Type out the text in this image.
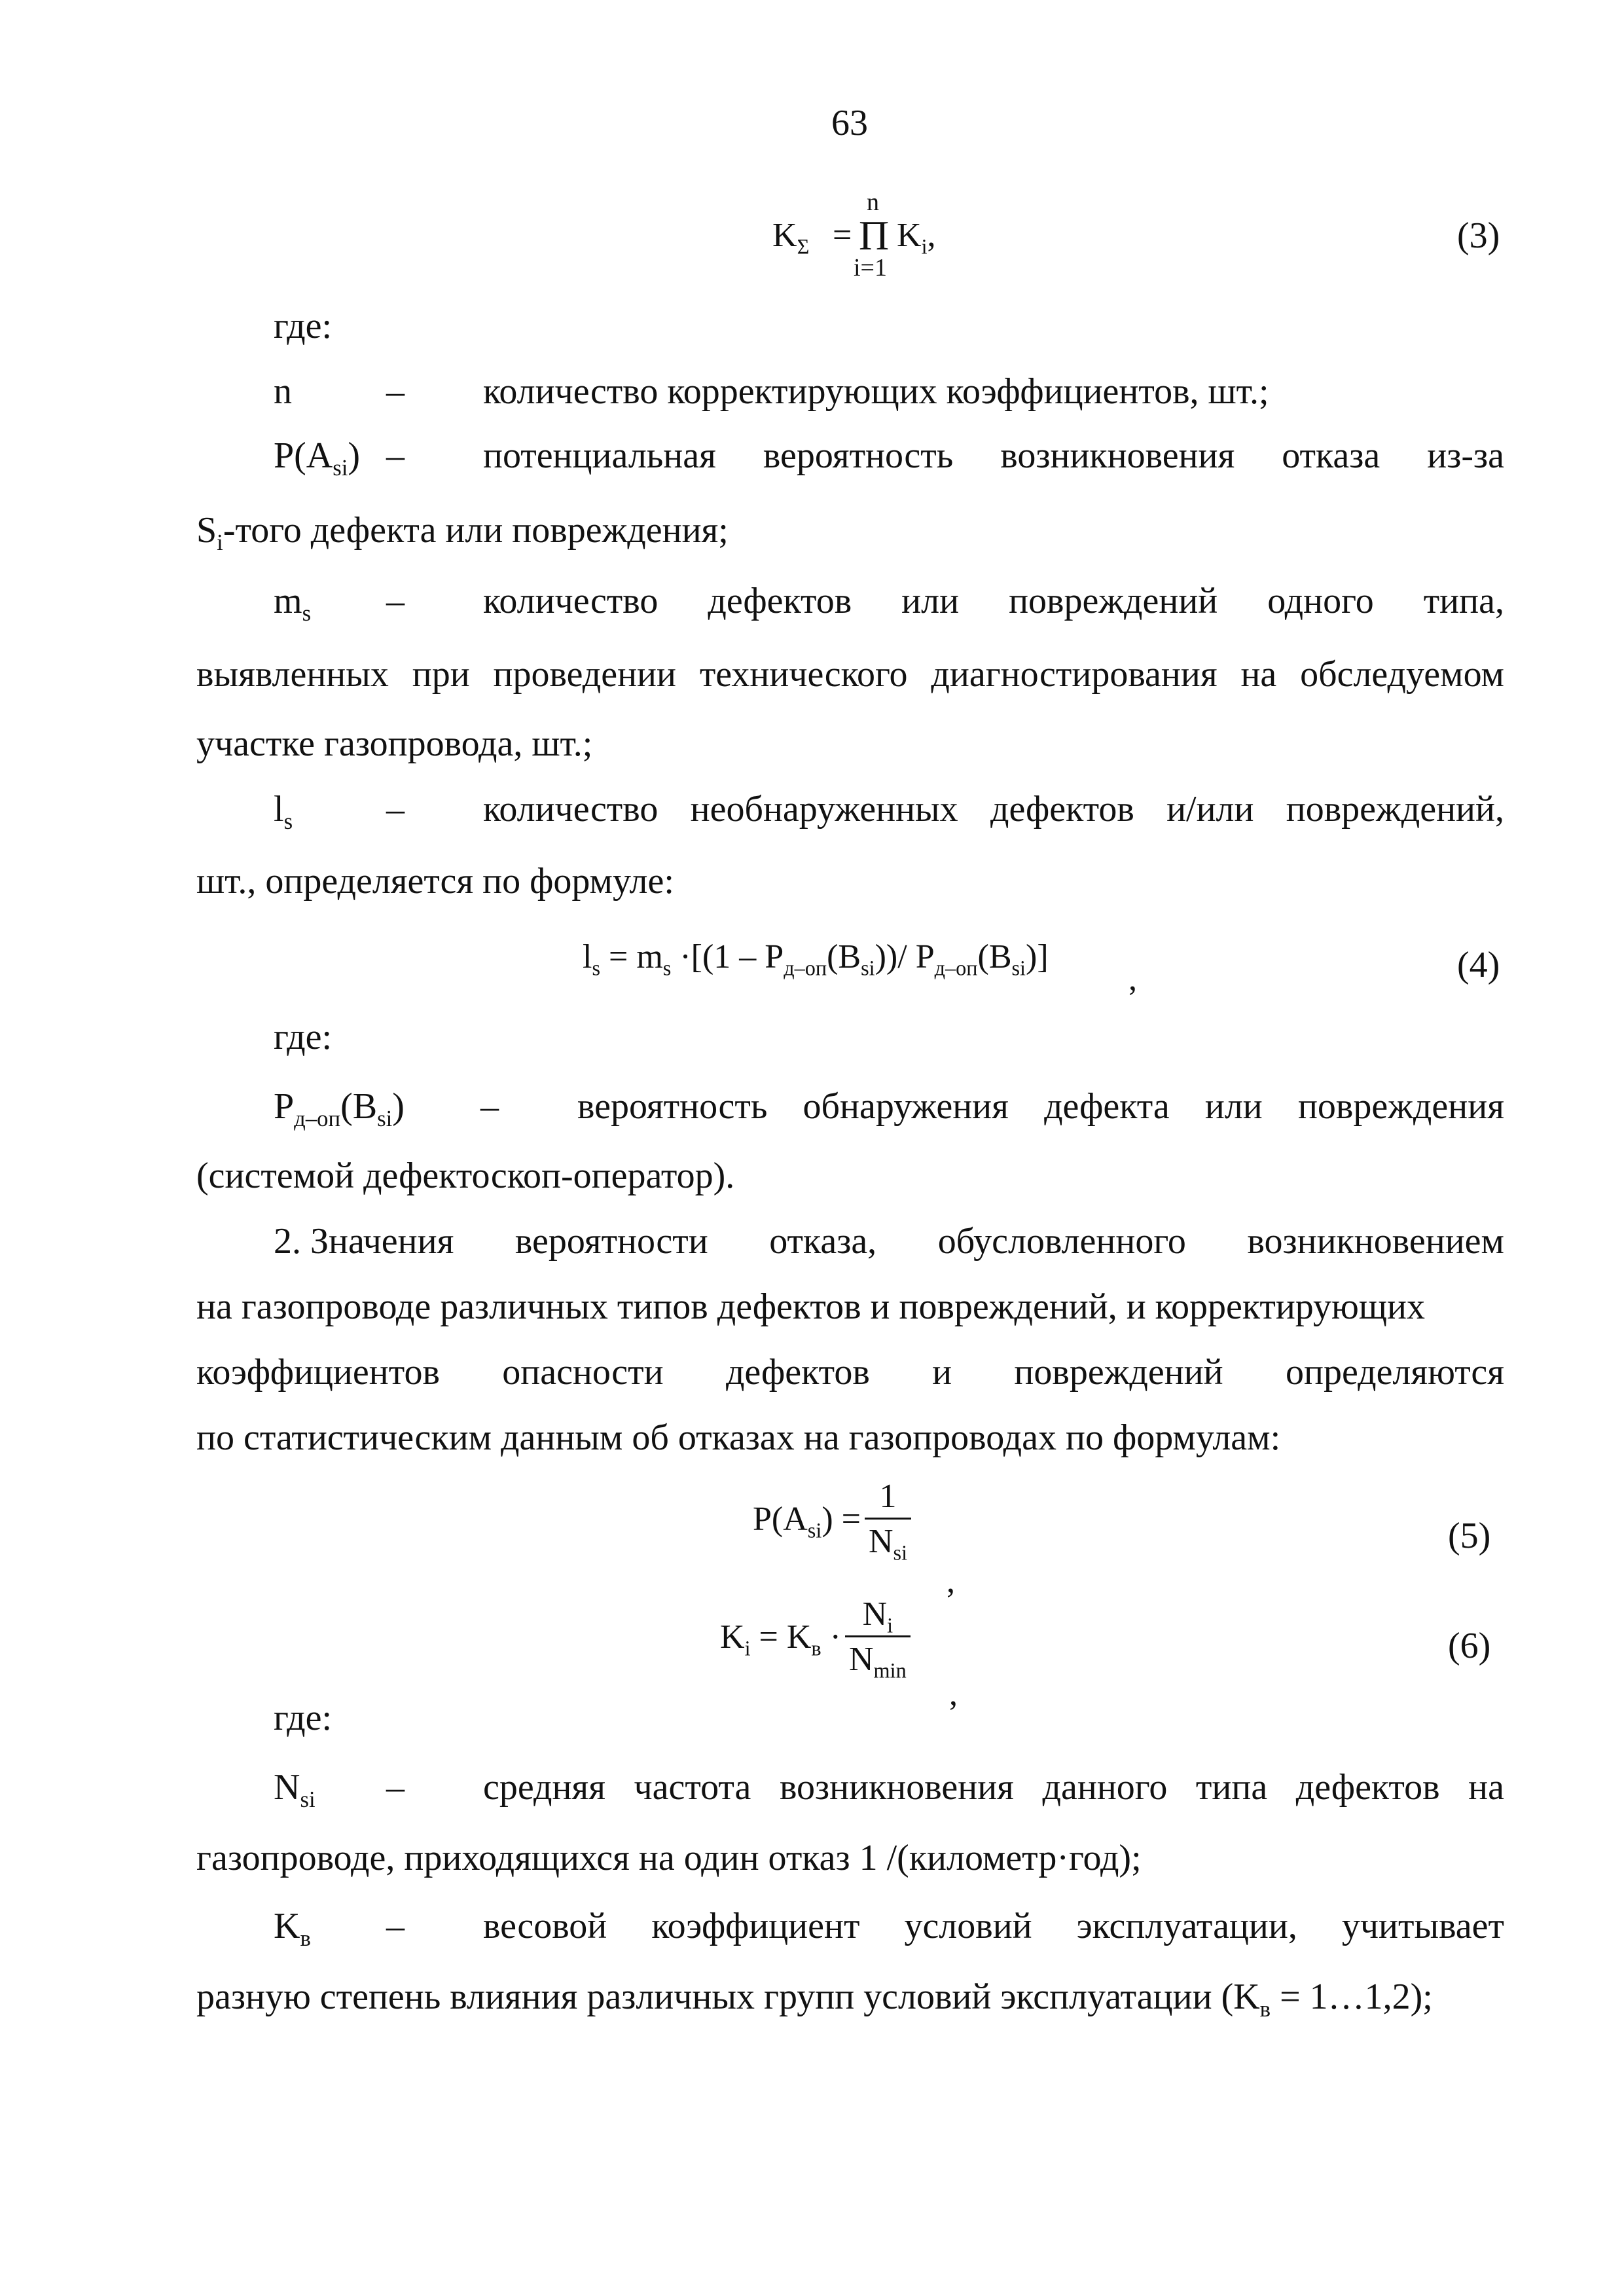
63
$K_\Sigma$ =
n
Π
i=1
$K_i$,	(3)
где:
n	– количество корректирующих коэффициентов, шт.;
$P(A_{si})$ – потенциальная вероятность возникновения отказа из-за
$S_i$-того дефекта или повреждения;
$m_s$ – количество дефектов или повреждений одного типа,
выявленных при проведении технического диагностирования на обследуемом
участке газопровода, шт.;
$l_s$	– количество необнаруженных дефектов и/или повреждений,
шт., определяется по формуле:
$l_s = m_s \cdot[(1 - P_{д-оп}(B_{si}))/$ $P_{д-оп}(B_{si})$]
,	(4)
где:
$P_{д-оп}(B_{si})$ – вероятность обнаружения дефекта или повреждения
(системой дефектоскоп-оператор).
2. Значения вероятности отказа, обусловленного возникновением
на газопроводе различных типов дефектов и повреждений, и корректирующих
коэффициентов опасности дефектов и повреждений определяются
по статистическим данным об отказах на газопроводах по формулам:
$P(A_{si}) = \frac{1}{N_{si}}$
,
(5)
$K_i = K_в \cdot \frac{N_i}{N_{min}}$
,
(6)
где:
$N_{si}$ – средняя частота возникновения данного типа дефектов на
газопроводе, приходящихся на один отказ 1 /(километр·год);
$K_в$ – весовой коэффициент условий эксплуатации, учитывает
разную степень влияния различных групп условий эксплуатации ($K_в$ = 1…1,2);
